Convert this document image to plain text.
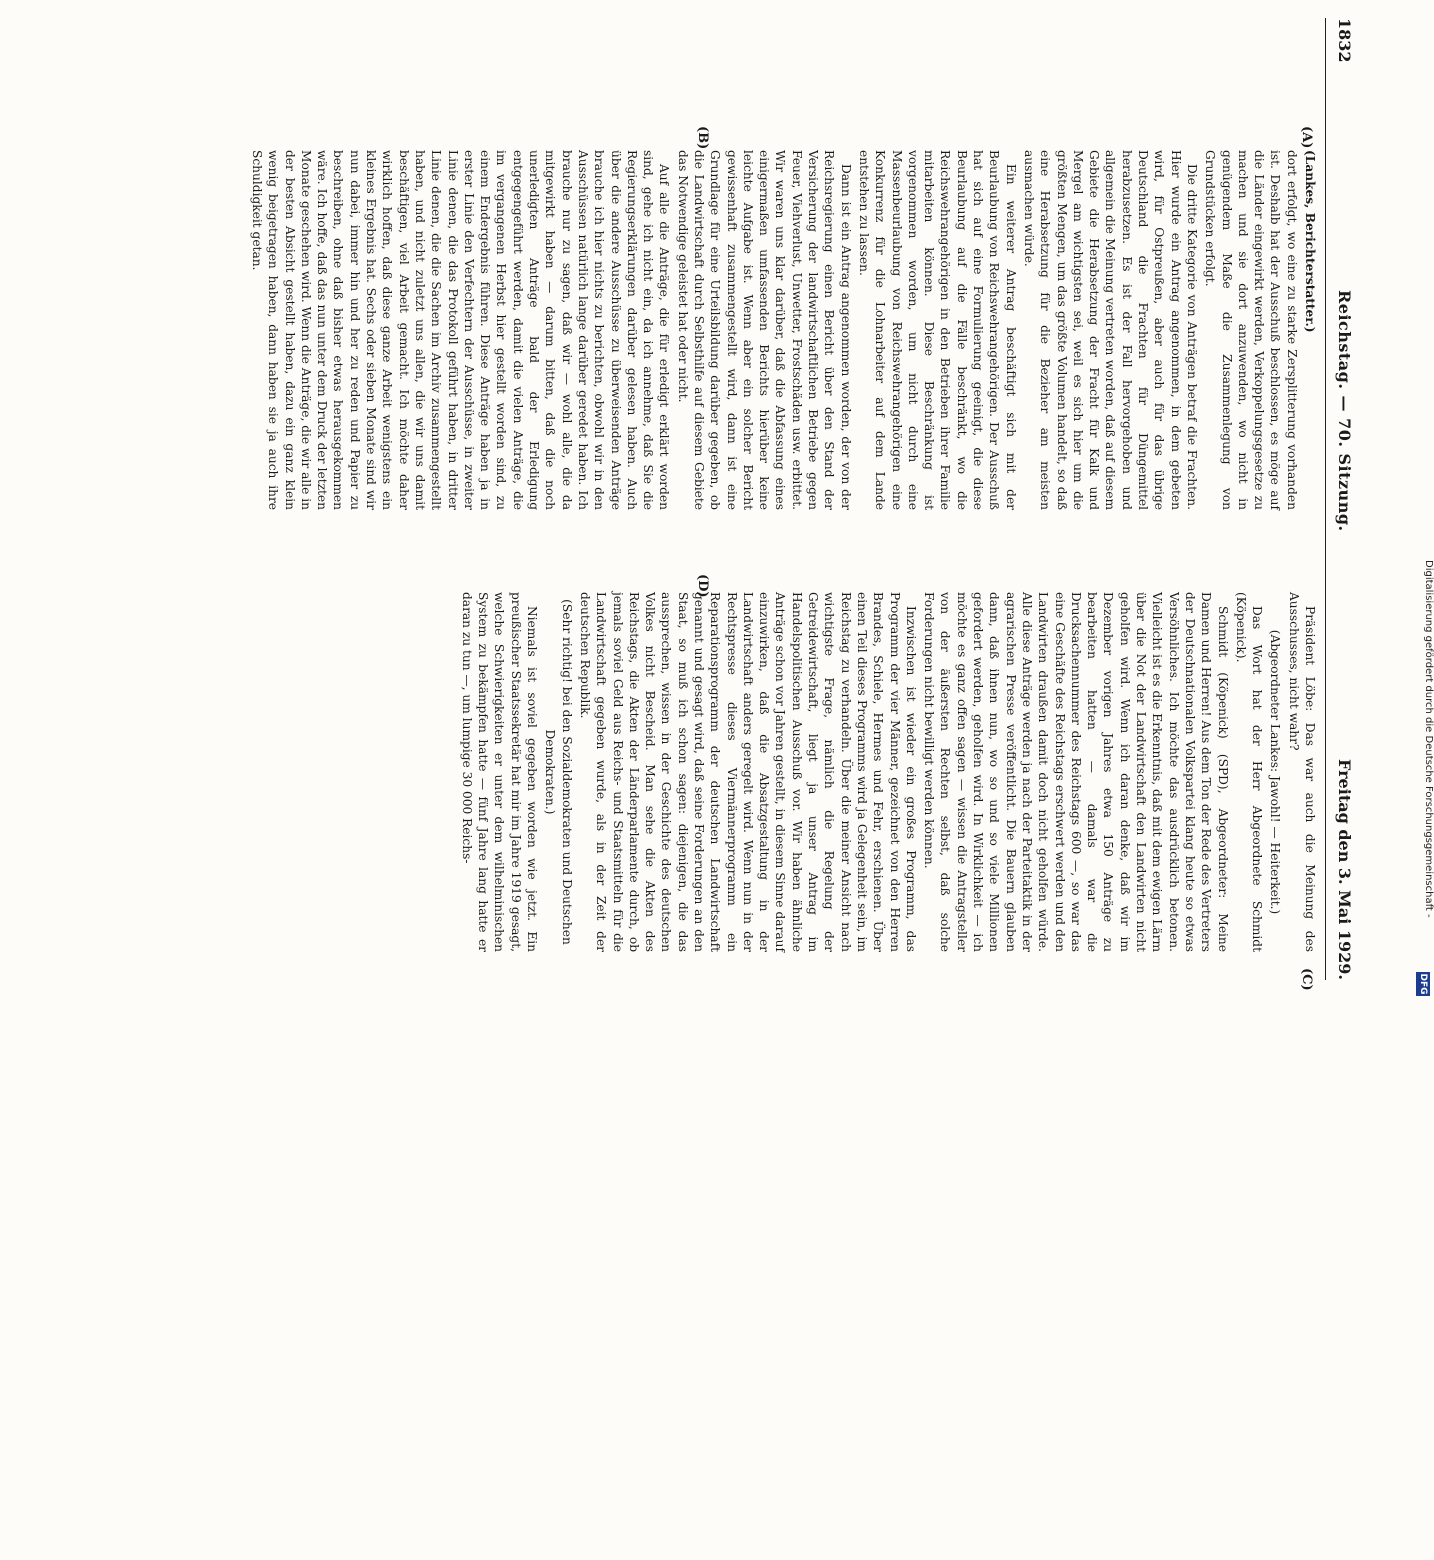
1832
Reichstag. — 70. Sitzung.
Freitag den 3. Mai 1929.
(A)
(B)
(C)
(D)

(Lankes, Berichterstatter.)

dort erfolgt, wo eine zu starke Zersplitterung vorhanden ist. Deshalb hat der Ausschuß beschlossen, es möge auf die Länder eingewirkt werden, Verkoppelungsgesetze zu machen und sie dort anzuwenden, wo nicht in genügendem Maße die Zusammenlegung von Grundstücken erfolgt.

Die dritte Kategorie von Anträgen betraf die Frachten. Hier wurde ein Antrag angenommen, in dem gebeten wird, für Ostpreußen, aber auch für das übrige Deutschland die Frachten für Düngemittel herabzusetzen. Es ist der Fall hervorgehoben und allgemein die Meinung vertreten worden, daß auf diesem Gebiete die Herabsetzung der Fracht für Kalk und Mergel am wichtigsten sei, weil es sich hier um die größten Mengen, um das größte Volumen handelt, so daß eine Herabsetzung für die Bezieher am meisten ausmachen würde.

Ein weiterer Antrag beschäftigt sich mit der Beurlaubung von Reichswehrangehörigen. Der Ausschuß hat sich auf eine Formulierung geeinigt, die diese Beurlaubung auf die Fälle beschränkt, wo die Reichswehrangehörigen in den Betrieben ihrer Familie mitarbeiten können. Diese Beschränkung ist vorgenommen worden, um nicht durch eine Massenbeurlaubung von Reichswehrangehörigen eine Konkurrenz für die Lohnarbeiter auf dem Lande entstehen zu lassen.

Dann ist ein Antrag angenommen worden, der von der Reichsregierung einen Bericht über den Stand der Versicherung der landwirtschaftlichen Betriebe gegen Feuer, Viehverlust, Unwetter, Frostschäden usw. erbittet. Wir waren uns klar darüber, daß die Abfassung eines einigermaßen umfassenden Berichts hierüber keine leichte Aufgabe ist. Wenn aber ein solcher Bericht gewissenhaft zusammengestellt wird, dann ist eine Grundlage für eine Urteilsbildung darüber gegeben, ob die Landwirtschaft durch Selbsthilfe auf diesem Gebiete das Notwendige geleistet hat oder nicht.

Auf alle die Anträge, die für erledigt erklärt worden sind, gehe ich nicht ein, da ich annehme, daß Sie die Regierungserklärungen darüber gelesen haben. Auch über die andere Ausschüsse zu überweisenden Anträge brauche ich hier nichts zu berichten, obwohl wir in den Ausschüssen natürlich lange darüber geredet haben. Ich brauche nur zu sagen, daß wir — wohl alle, die da mitgewirkt haben — darum bitten, daß die noch unerledigten Anträge bald der Erledigung entgegengeführt werden, damit die vielen Anträge, die im vergangenen Herbst hier gestellt worden sind, zu einem Endergebnis führen. Diese Anträge haben ja in erster Linie den Verfechtern der Ausschüsse, in zweiter Linie denen, die das Protokoll geführt haben, in dritter Linie denen, die die Sachen im Archiv zusammengestellt haben, und nicht zuletzt uns allen, die wir uns damit beschäftigen, viel Arbeit gemacht. Ich möchte daher wirklich hoffen, daß diese ganze Arbeit wenigstens ein kleines Ergebnis hat. Sechs oder sieben Monate sind wir nun dabei, immer hin und her zu reden und Papier zu beschreiben, ohne daß bisher etwas herausgekommen wäre. Ich hoffe, daß das nun unter dem Druck der letzten Monate geschehen wird. Wenn die Anträge, die wir alle in der besten Absicht gestellt haben, dazu ein ganz klein wenig beigetragen haben, dann haben sie ja auch ihre Schuldigkeit getan.

Präsident Löbe: Das war auch die Meinung des Ausschusses, nicht wahr?

(Abgeordneter Lankes: Jawohl! — Heiterkeit.)

Das Wort hat der Herr Abgeordnete Schmidt (Köpenick).

Schmidt (Köpenick) (SPD), Abgeordneter: Meine Damen und Herren! Aus dem Ton der Rede des Vertreters der Deutschnationalen Volkspartei klang heute so etwas Versöhnliches. Ich möchte das ausdrücklich betonen. Vielleicht ist es die Erkenntnis, daß mit dem ewigen Lärm über die Not der Landwirtschaft den Landwirten nicht geholfen wird. Wenn ich daran denke, daß wir im Dezember vorigen Jahres etwa 150 Anträge zu bearbeiten hatten — damals war die Drucksachennummer des Reichstags 600 —, so war das eine Geschäfte des Reichstags erschwert werden und den Landwirten draußen damit doch nicht geholfen würde. Alle diese Anträge werden ja nach der Parteitaktik in der agrarischen Presse veröffentlicht. Die Bauern glauben dann, daß ihnen nun, wo so und so viele Millionen gefordert werden, geholfen wird. In Wirklichkeit — ich möchte es ganz offen sagen — wissen die Antragsteller von der äußersten Rechten selbst, daß solche Forderungen nicht bewilligt werden können.

Inzwischen ist wieder ein großes Programm, das Programm der vier Männer, gezeichnet von den Herren Brandes, Schiele, Hermes und Fehr, erschienen. Über einen Teil dieses Programms wird ja Gelegenheit sein, im Reichstag zu verhandeln. Über die meiner Ansicht nach wichtigste Frage, nämlich die Regelung der Getreidewirtschaft, liegt ja unser Antrag im Handelspolitischen Ausschuß vor. Wir haben ähnliche Anträge schon vor Jahren gestellt, in diesem Sinne darauf einzuwirken, daß die Absatzgestaltung in der Landwirtschaft anders geregelt wird. Wenn nun in der Rechtspresse dieses Viermännerprogramm ein Reparationsprogramm der deutschen Landwirtschaft genannt und gesagt wird, daß seine Forderungen an den Staat, so muß ich schon sagen: diejenigen, die das aussprechen, wissen in der Geschichte des deutschen Volkes nicht Bescheid. Man sehe die Akten des Reichstags, die Akten der Länderparlamente durch, ob jemals soviel Geld aus Reichs- und Staatsmitteln für die Landwirtschaft gegeben wurde, als in der Zeit der deutschen Republik.

(Sehr richtig! bei den Sozialdemokraten und Deutschen Demokraten.)

Niemals ist soviel gegeben worden wie jetzt. Ein preußischer Staatssekretär hat mir im Jahre 1919 gesagt, welche Schwierigkeiten er unter dem wilhelminischen System zu bekämpfen hatte — fünf Jahre lang hatte er daran zu tun —, um lumpige 30 000 Reichs-	Digitalisierung gefördert durch die Deutsche Forschungsgemeinschaft -
DFG
